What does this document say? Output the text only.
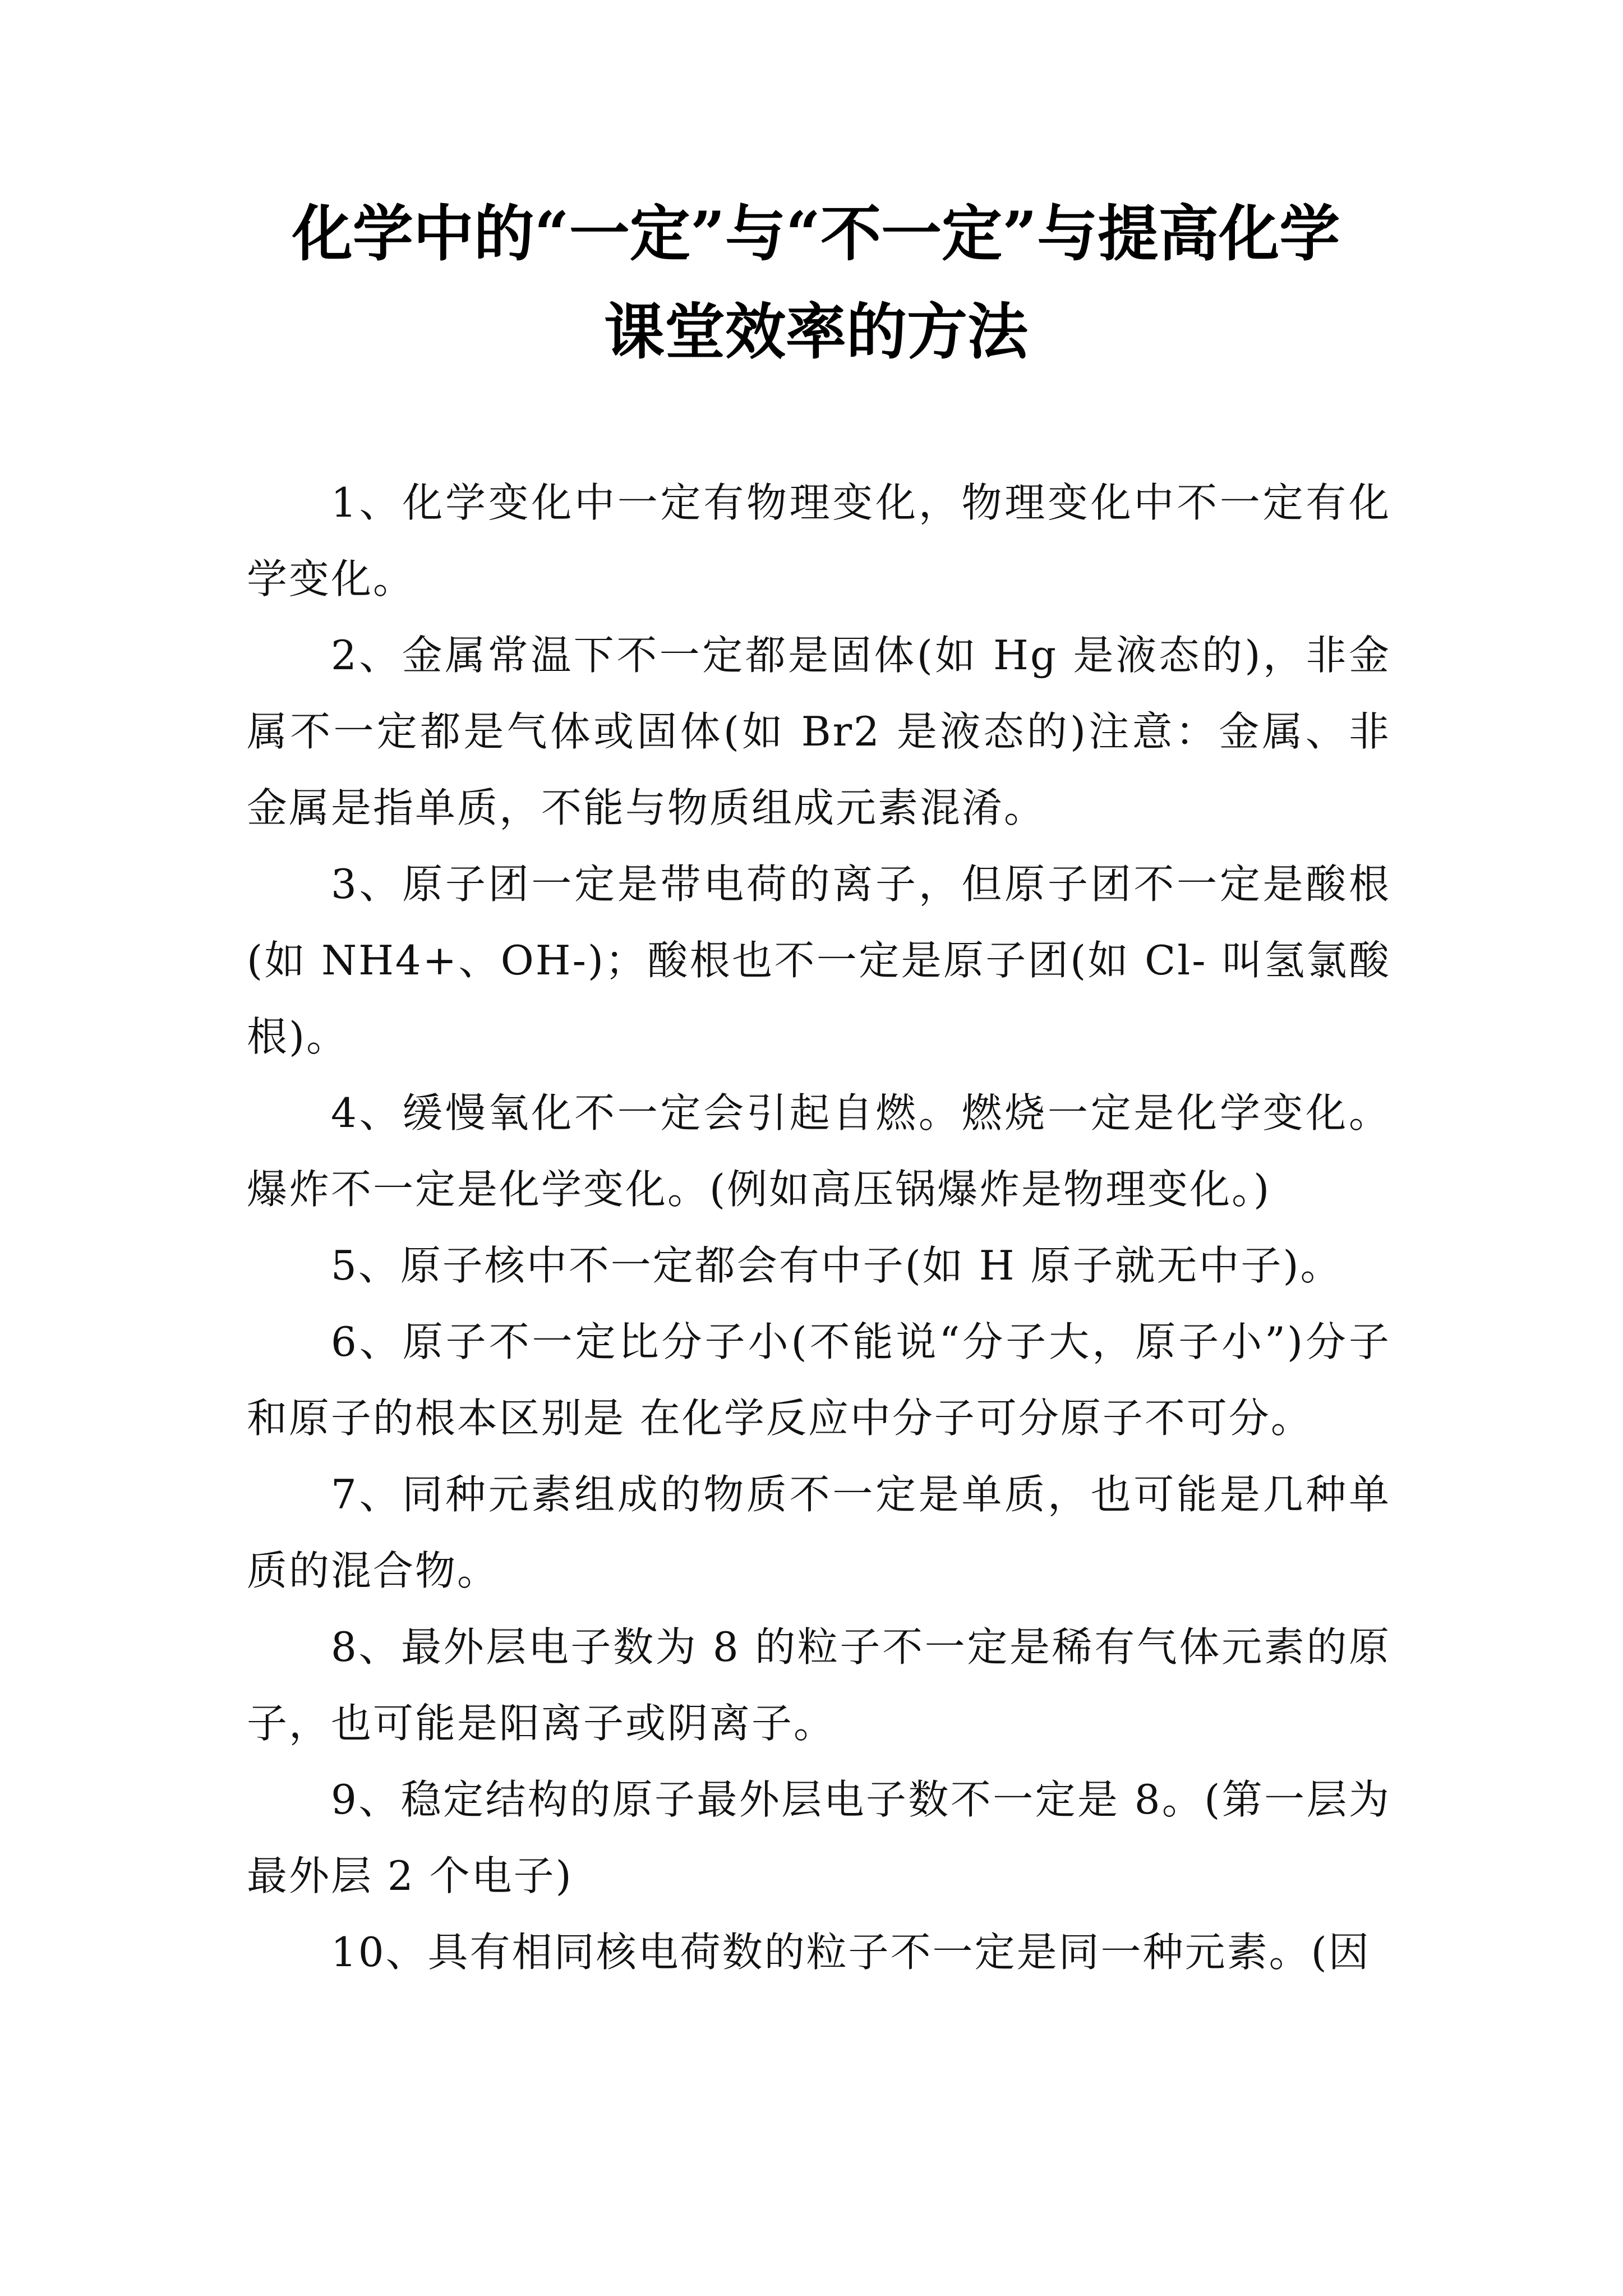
化学中的“一定”与“不一定”与提高化学
课堂效率的方法

1、化学变化中一定有物理变化，物理变化中不一定有化学变化。

2、金属常温下不一定都是固体(如 Hg 是液态的)，非金属不一定都是气体或固体(如 Br2 是液态的)注意：金属、非金属是指单质，不能与物质组成元素混淆。

3、原子团一定是带电荷的离子，但原子团不一定是酸根(如 NH4+、OH-)；酸根也不一定是原子团(如 Cl- 叫氢氯酸根)。

4、缓慢氧化不一定会引起自燃。燃烧一定是化学变化。爆炸不一定是化学变化。(例如高压锅爆炸是物理变化。)

5、原子核中不一定都会有中子(如 H 原子就无中子)。

6、原子不一定比分子小(不能说“分子大，原子小”)分子和原子的根本区别是 在化学反应中分子可分原子不可分。

7、同种元素组成的物质不一定是单质，也可能是几种单质的混合物。

8、最外层电子数为 8 的粒子不一定是稀有气体元素的原子，也可能是阳离子或阴离子。

9、稳定结构的原子最外层电子数不一定是 8。(第一层为最外层 2 个电子)

10、具有相同核电荷数的粒子不一定是同一种元素。(因
